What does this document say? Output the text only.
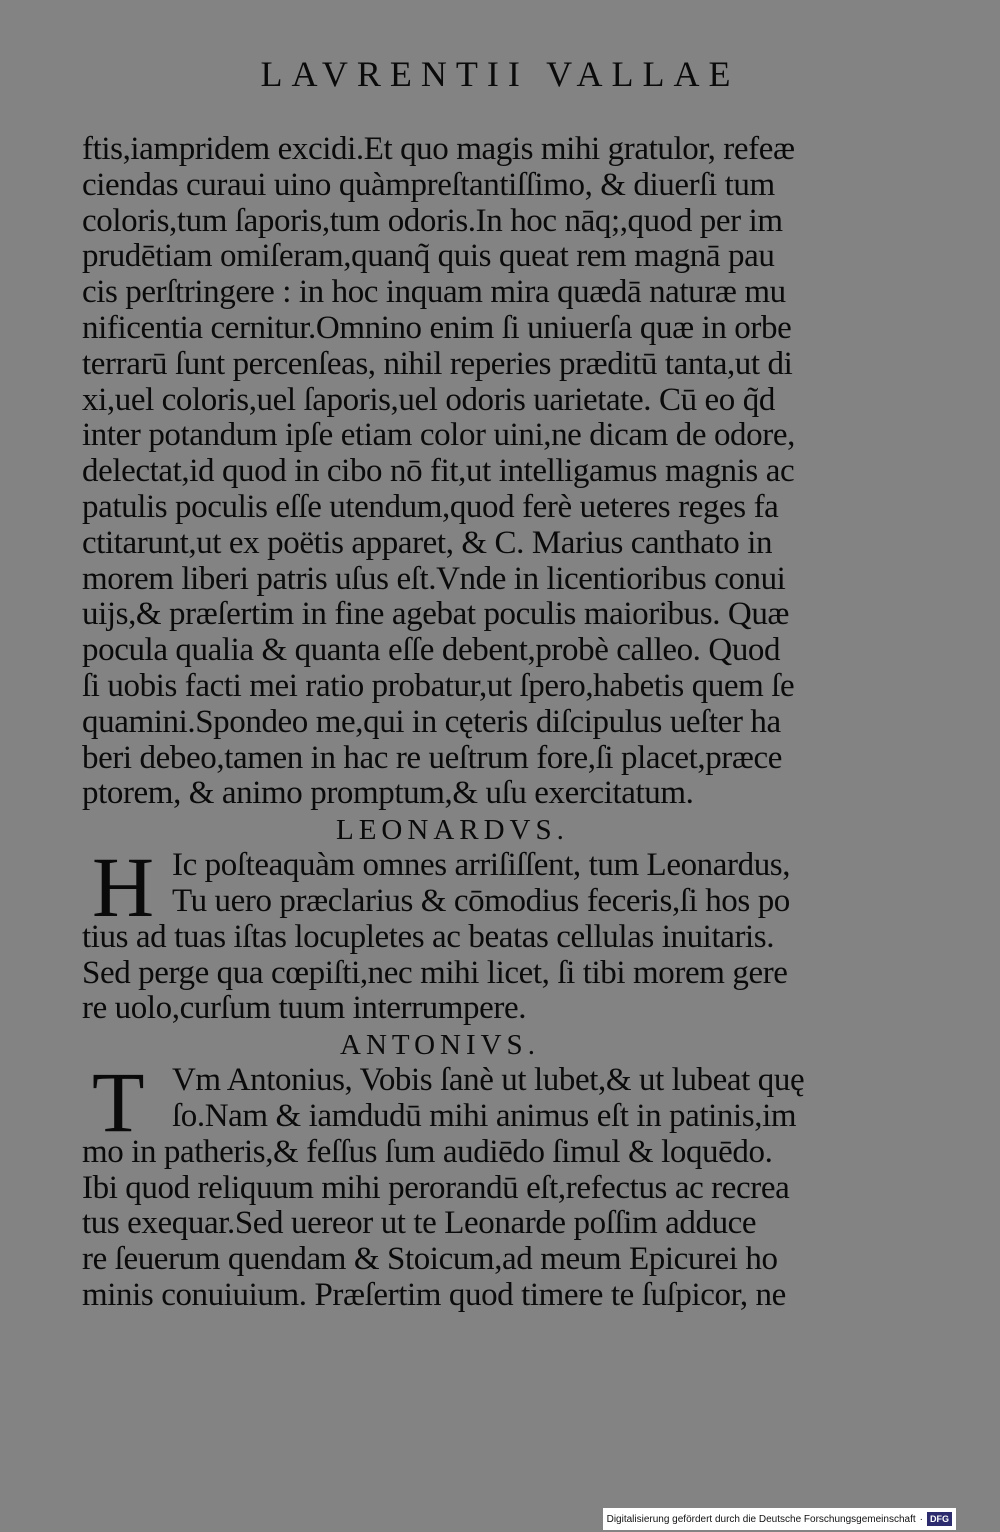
LAVRENTII VALLAE
ftis,iampridem excidi.Et quo magis mihi gratulor, refeæ
ciendas curaui uino quàmpreſtantiſſimo, & diuerſi tum
coloris,tum ſaporis,tum odoris.In hoc nāq;,quod per im
prudētiam omiſeram,quanq̃ quis queat rem magnā pau
cis perſtringere : in hoc inquam mira quædā naturæ mu
nificentia cernitur.Omnino enim ſi uniuerſa quæ in orbe
terrarū ſunt percenſeas, nihil reperies præditū tanta,ut di
xi,uel coloris,uel ſaporis,uel odoris uarietate. Cū eo q̃d
inter potandum ipſe etiam color uini,ne dicam de odore,
delectat,id quod in cibo nō fit,ut intelligamus magnis ac
patulis poculis eſſe utendum,quod ferè ueteres reges fa
ctitarunt,ut ex poëtis apparet, & C. Marius canthato in
morem liberi patris uſus eſt.Vnde in licentioribus conui
uijs,& præſertim in fine agebat poculis maioribus. Quæ
pocula qualia & quanta eſſe debent,probè calleo. Quod
ſi uobis facti mei ratio probatur,ut ſpero,habetis quem ſe
quamini.Spondeo me,qui in cęteris diſcipulus ueſter ha
beri debeo,tamen in hac re ueſtrum fore,ſi placet,præce
ptorem, & animo promptum,& uſu exercitatum.
LEONARDVS.
H Ic poſteaquàm omnes arriſiſſent, tum Leonardus,
Tu uero præclarius & cōmodius feceris,ſi hos po
tius ad tuas iſtas locupletes ac beatas cellulas inuitaris.
Sed perge qua cœpiſti,nec mihi licet, ſi tibi morem gere
re uolo,curſum tuum interrumpere.
ANTONIVS.
T Vm Antonius, Vobis ſanè ut lubet,& ut lubeat quę
ſo.Nam & iamdudū mihi animus eſt in patinis,im
mo in patheris,& feſſus ſum audiēdo ſimul & loquēdo.
Ibi quod reliquum mihi perorandū eſt,refectus ac recrea
tus exequar.Sed uereor ut te Leonarde poſſim adduce
re ſeuerum quendam & Stoicum,ad meum Epicurei ho
minis conuiuium. Præſertim quod timere te ſuſpicor, ne
Digitalisierung gefördert durch die Deutsche Forschungsgemeinschaft · DFG
